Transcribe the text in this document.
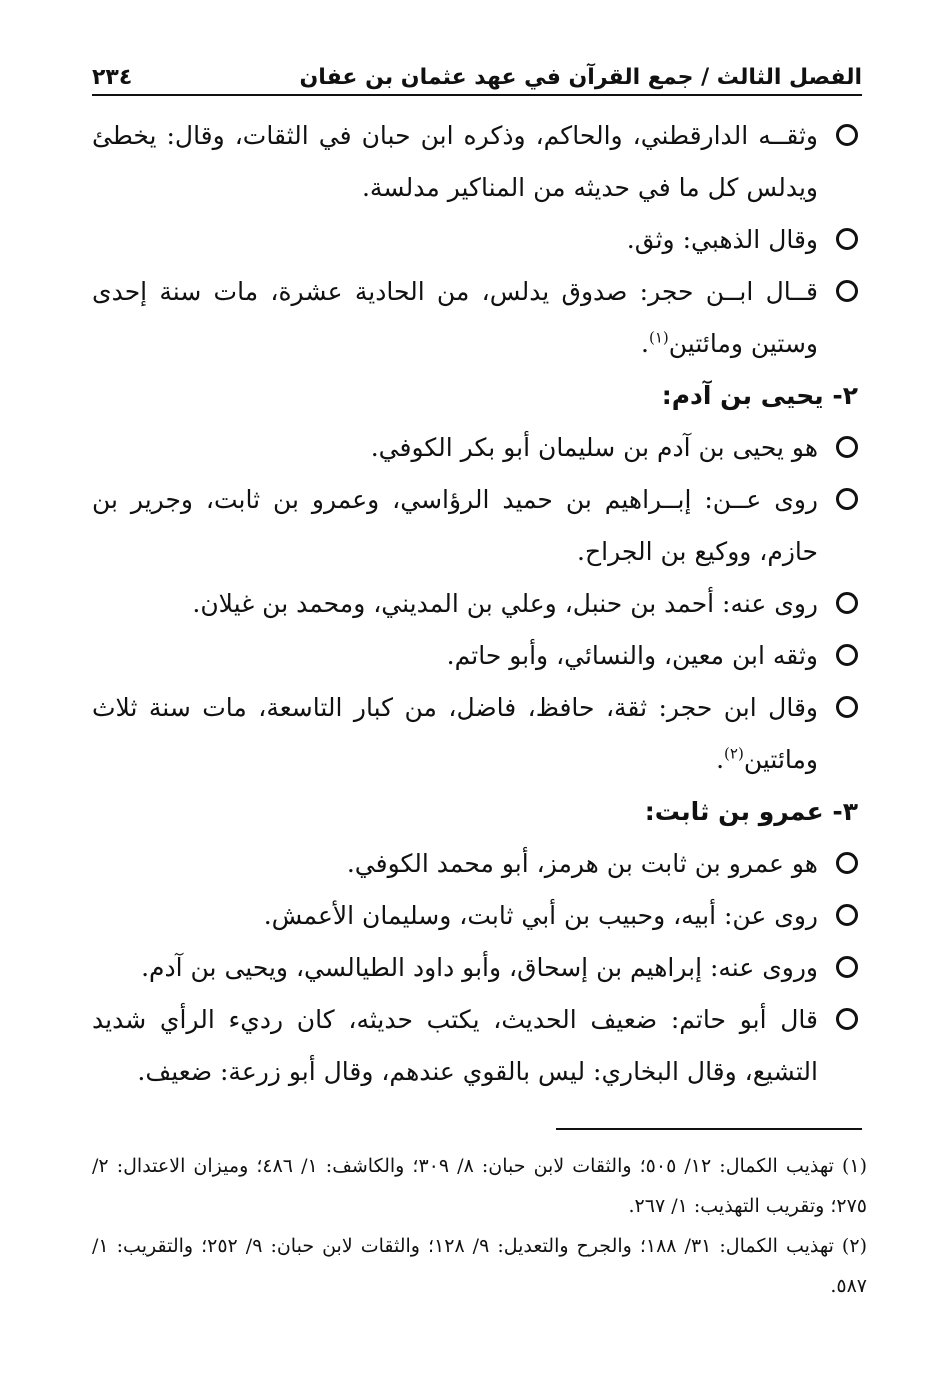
الفصل الثالث / جمع القرآن في عهد عثمان بن عفان
٢٣٤
وثقــه الدارقطني، والحاكم، وذكره ابن حبان في الثقات، وقال: يخطئ ويدلس كل ما في حديثه من المناكير مدلسة.
وقال الذهبي: وثق.
قــال ابــن حجر: صدوق يدلس، من الحادية عشرة، مات سنة إحدى وستين ومائتين$^{(١)}$.
٢- يحيى بن آدم:
هو يحيى بن آدم بن سليمان أبو بكر الكوفي.
روى عــن: إبــراهيم بن حميد الرؤاسي، وعمرو بن ثابت، وجرير بن حازم، ووكيع بن الجراح.
روى عنه: أحمد بن حنبل، وعلي بن المديني، ومحمد بن غيلان.
وثقه ابن معين، والنسائي، وأبو حاتم.
وقال ابن حجر: ثقة، حافظ، فاضل، من كبار التاسعة، مات سنة ثلاث ومائتين$^{(٢)}$.
٣- عمرو بن ثابت:
هو عمرو بن ثابت بن هرمز، أبو محمد الكوفي.
روى عن: أبيه، وحبيب بن أبي ثابت، وسليمان الأعمش.
وروى عنه: إبراهيم بن إسحاق، وأبو داود الطيالسي، ويحيى بن آدم.
قال أبو حاتم: ضعيف الحديث، يكتب حديثه، كان رديء الرأي شديد التشيع، وقال البخاري: ليس بالقوي عندهم، وقال أبو زرعة: ضعيف.
(١) تهذيب الكمال: ١٢/ ٥٠٥؛ والثقات لابن حبان: ٨/ ٣٠٩؛ والكاشف: ١/ ٤٨٦؛ وميزان الاعتدال: ٢/ ٢٧٥؛ وتقريب التهذيب: ١/ ٢٦٧.
(٢) تهذيب الكمال: ٣١/ ١٨٨؛ والجرح والتعديل: ٩/ ١٢٨؛ والثقات لابن حبان: ٩/ ٢٥٢؛ والتقريب: ١/ ٥٨٧.
